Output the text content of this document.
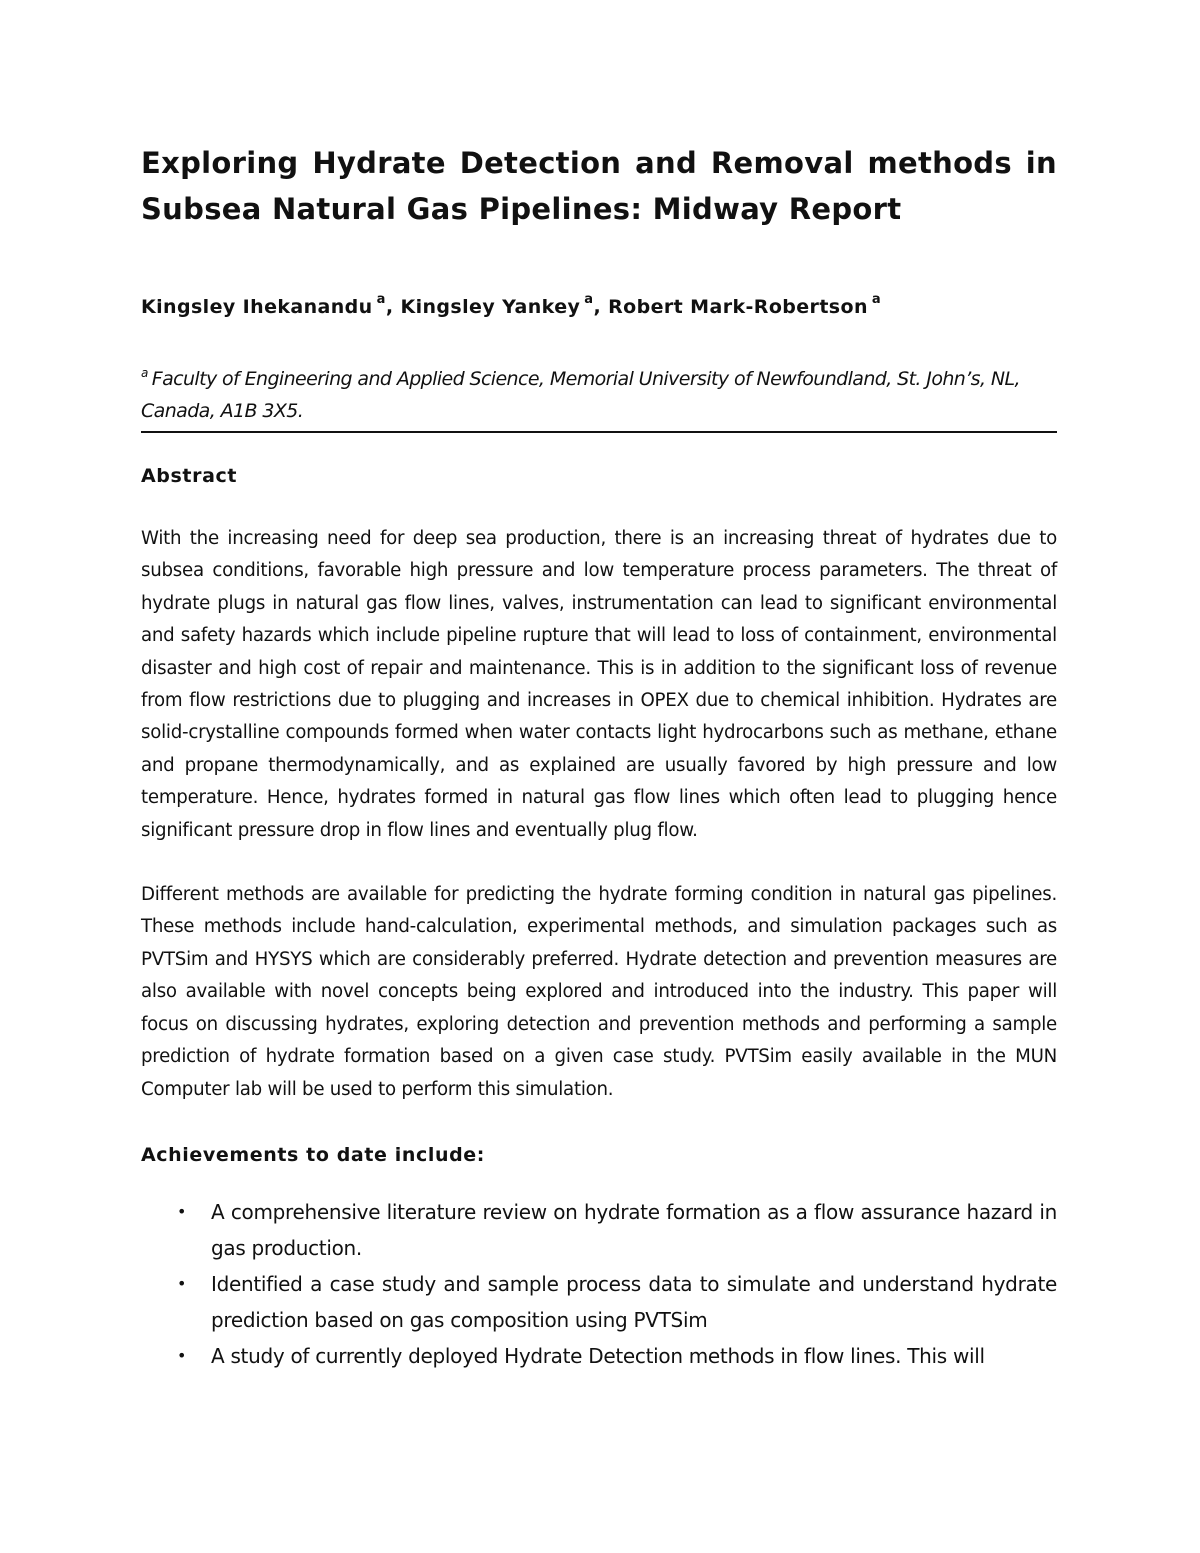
Exploring Hydrate Detection and Removal methods in Subsea Natural Gas Pipelines: Midway Report
Kingsley Ihekanandu $^a$, Kingsley Yankey $^a$, Robert Mark-Robertson $^a$
$^a$ Faculty of Engineering and Applied Science, Memorial University of Newfoundland, St. John’s, NL, Canada, A1B 3X5.
Abstract

With the increasing need for deep sea production, there is an increasing threat of hydrates due to subsea conditions, favorable high pressure and low temperature process parameters. The threat of hydrate plugs in natural gas flow lines, valves, instrumentation can lead to significant environmental and safety hazards which include pipeline rupture that will lead to loss of containment, environmental disaster and high cost of repair and maintenance. This is in addition to the significant loss of revenue from flow restrictions due to plugging and increases in OPEX due to chemical inhibition. Hydrates are solid-crystalline compounds formed when water contacts light hydrocarbons such as methane, ethane and propane thermodynamically, and as explained are usually favored by high pressure and low temperature. Hence, hydrates formed in natural gas flow lines which often lead to plugging hence significant pressure drop in flow lines and eventually plug flow.

Different methods are available for predicting the hydrate forming condition in natural gas pipelines. These methods include hand-calculation, experimental methods, and simulation packages such as PVTSim and HYSYS which are considerably preferred. Hydrate detection and prevention measures are also available with novel concepts being explored and introduced into the industry. This paper will focus on discussing hydrates, exploring detection and prevention methods and performing a sample prediction of hydrate formation based on a given case study. PVTSim easily available in the MUN Computer lab will be used to perform this simulation.

Achievements to date include:
• A comprehensive literature review on hydrate formation as a flow assurance hazard in gas production.
• Identified a case study and sample process data to simulate and understand hydrate prediction based on gas composition using PVTSim
• A study of currently deployed Hydrate Detection methods in flow lines. This will
